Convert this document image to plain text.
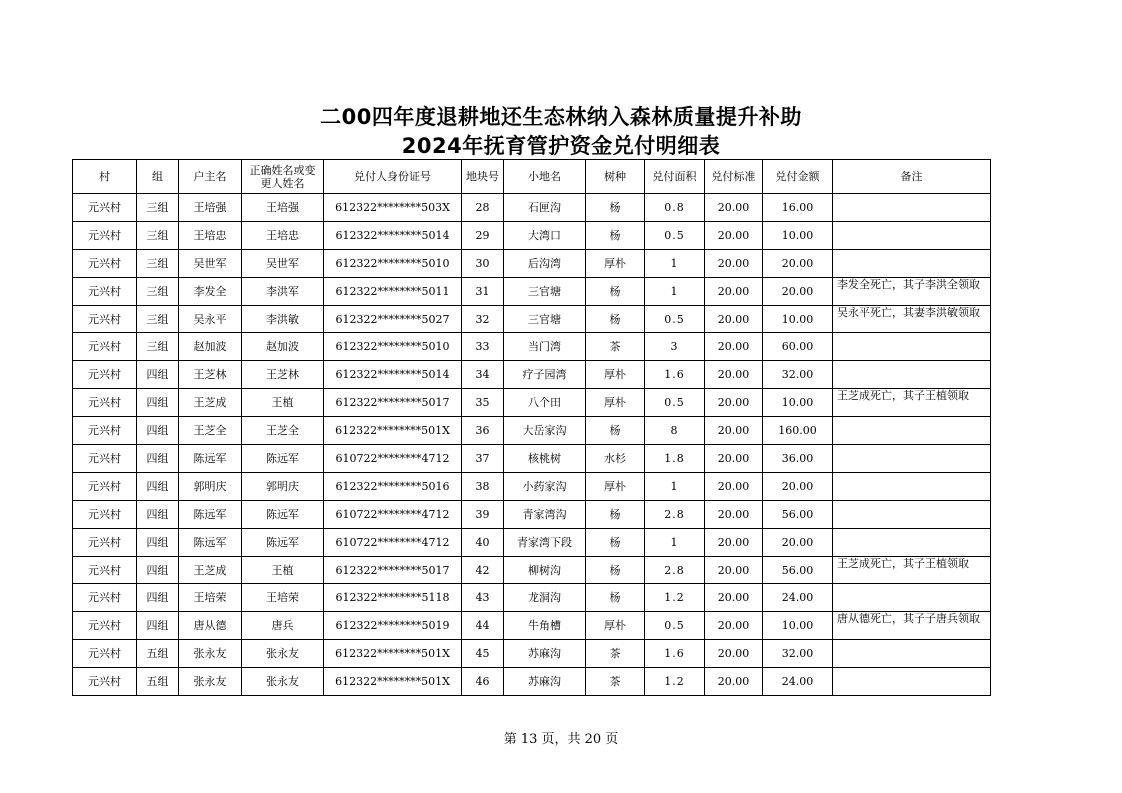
二00四年度退耕地还生态林纳入森林质量提升补助
2024年抚育管护资金兑付明细表
村	组	户主名	正确姓名或变更人姓名	兑付人身份证号	地块号	小地名	树种	兑付面积	兑付标准	兑付金额	备注
元兴村	三组	王培强	王培强	612322********503X	28	石匣沟	杨	0.8	20.00	16.00	
元兴村	三组	王培忠	王培忠	612322********5014	29	大湾口	杨	0.5	20.00	10.00	
元兴村	三组	吴世军	吴世军	612322********5010	30	后沟湾	厚朴	1	20.00	20.00	
元兴村	三组	李发全	李洪军	612322********5011	31	三官塘	杨	1	20.00	20.00	李发全死亡，其子李洪全领取
元兴村	三组	吴永平	李洪敏	612322********5027	32	三官塘	杨	0.5	20.00	10.00	吴永平死亡，其妻李洪敏领取
元兴村	三组	赵加波	赵加波	612322********5010	33	当门湾	茶	3	20.00	60.00	
元兴村	四组	王芝林	王芝林	612322********5014	34	疗子园湾	厚朴	1.6	20.00	32.00	
元兴村	四组	王芝成	王植	612322********5017	35	八个田	厚朴	0.5	20.00	10.00	王芝成死亡，其子王植领取
元兴村	四组	王芝全	王芝全	612322********501X	36	大岳家沟	杨	8	20.00	160.00	
元兴村	四组	陈远军	陈远军	610722********4712	37	核桃树	水杉	1.8	20.00	36.00	
元兴村	四组	郭明庆	郭明庆	612322********5016	38	小药家沟	厚朴	1	20.00	20.00	
元兴村	四组	陈远军	陈远军	610722********4712	39	青家湾沟	杨	2.8	20.00	56.00	
元兴村	四组	陈远军	陈远军	610722********4712	40	青家湾下段	杨	1	20.00	20.00	
元兴村	四组	王芝成	王植	612322********5017	42	柳树沟	杨	2.8	20.00	56.00	王芝成死亡，其子王植领取
元兴村	四组	王培荣	王培荣	612322********5118	43	龙洞沟	杨	1.2	20.00	24.00	
元兴村	四组	唐从德	唐兵	612322********5019	44	牛角槽	厚朴	0.5	20.00	10.00	唐从德死亡，其子子唐兵领取
元兴村	五组	张永友	张永友	612322********501X	45	苏麻沟	茶	1.6	20.00	32.00	
元兴村	五组	张永友	张永友	612322********501X	46	苏麻沟	茶	1.2	20.00	24.00	
第 13 页，共 20 页
